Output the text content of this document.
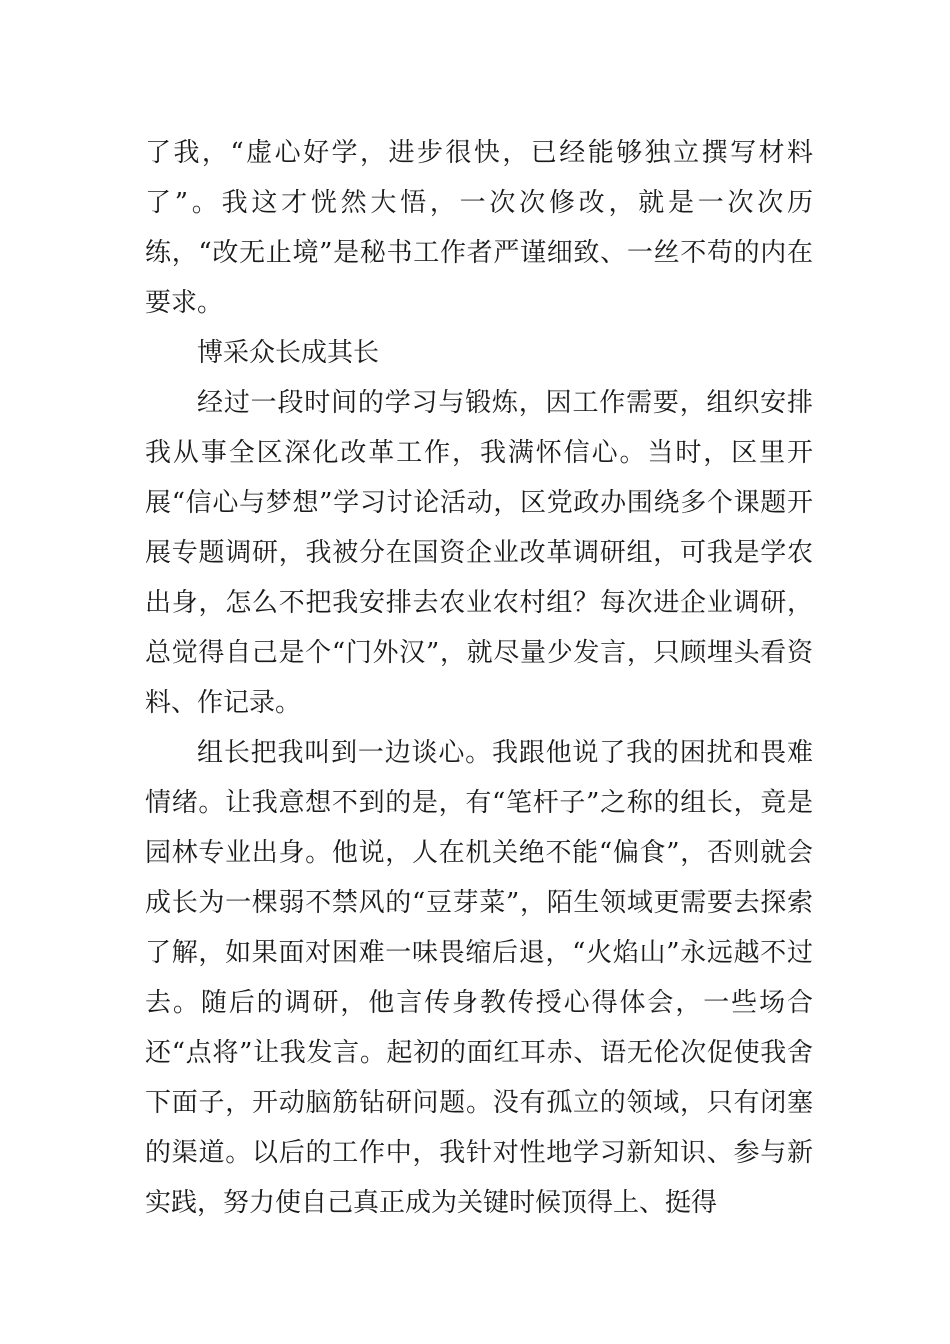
了我，“虚心好学，进步很快，已经能够独立撰写材料了”。我这才恍然大悟，一次次修改，就是一次次历练，“改无止境”是秘书工作者严谨细致、一丝不苟的内在要求。

博采众长成其长

经过一段时间的学习与锻炼，因工作需要，组织安排我从事全区深化改革工作，我满怀信心。当时，区里开展“信心与梦想”学习讨论活动，区党政办围绕多个课题开展专题调研，我被分在国资企业改革调研组，可我是学农出身，怎么不把我安排去农业农村组？每次进企业调研，总觉得自己是个“门外汉”，就尽量少发言，只顾埋头看资料、作记录。

组长把我叫到一边谈心。我跟他说了我的困扰和畏难情绪。让我意想不到的是，有“笔杆子”之称的组长，竟是园林专业出身。他说，人在机关绝不能“偏食”，否则就会成长为一棵弱不禁风的“豆芽菜”，陌生领域更需要去探索了解，如果面对困难一味畏缩后退，“火焰山”永远越不过去。随后的调研，他言传身教传授心得体会，一些场合还“点将”让我发言。起初的面红耳赤、语无伦次促使我舍下面子，开动脑筋钻研问题。没有孤立的领域，只有闭塞的渠道。以后的工作中，我针对性地学习新知识、参与新实践，努力使自己真正成为关键时候顶得上、挺得
